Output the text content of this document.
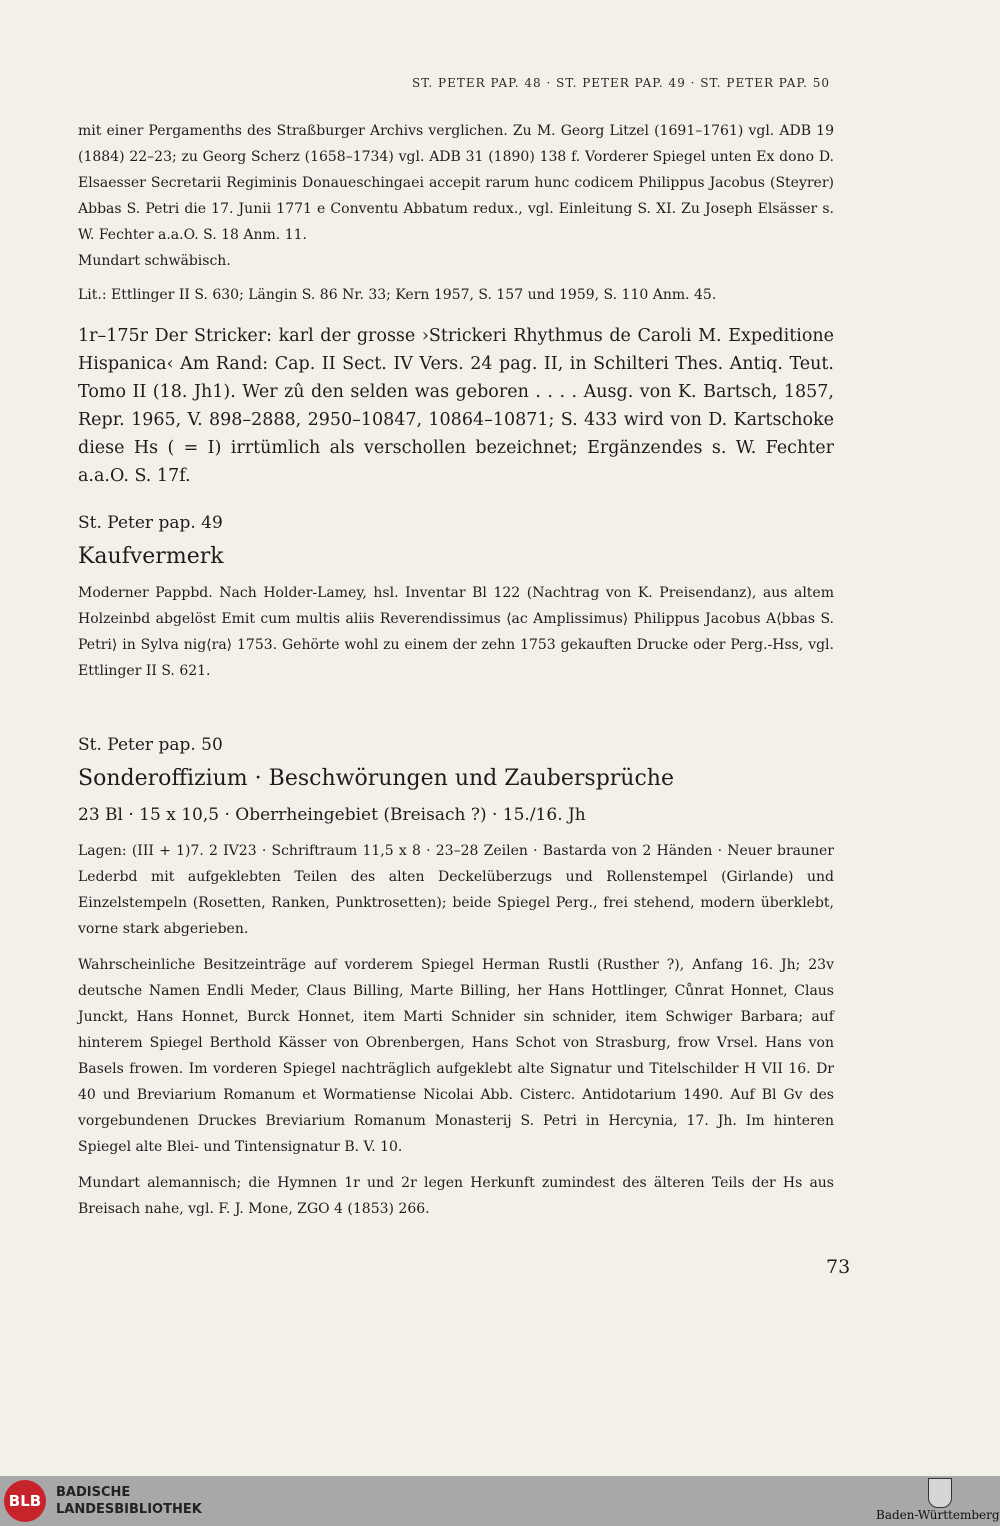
ST. PETER PAP. 48 · ST. PETER PAP. 49 · ST. PETER PAP. 50

mit einer Pergamenths des Straßburger Archivs verglichen. Zu M. Georg Litzel (1691–1761) vgl. ADB 19 (1884) 22–23; zu Georg Scherz (1658–1734) vgl. ADB 31 (1890) 138 f. Vorderer Spiegel unten Ex dono D. Elsaesser Secretarii Regiminis Donaueschingaei accepit rarum hunc codicem Philippus Jacobus (Steyrer) Abbas S. Petri die 17. Junii 1771 e Conventu Abbatum redux., vgl. Einleitung S. XI. Zu Joseph Elsässer s. W. Fechter a.a.O. S. 18 Anm. 11.

Mundart schwäbisch.

Lit.: Ettlinger II S. 630; Längin S. 86 Nr. 33; Kern 1957, S. 157 und 1959, S. 110 Anm. 45.

1r–175r Der Stricker: karl der grosse ›Strickeri Rhythmus de Caroli M. Expeditione Hispanica‹ Am Rand: Cap. II Sect. IV Vers. 24 pag. II, in Schilteri Thes. Antiq. Teut. Tomo II (18. Jh1). Wer zû den selden was geboren . . . . Ausg. von K. Bartsch, 1857, Repr. 1965, V. 898–2888, 2950–10847, 10864–10871; S. 433 wird von D. Kartschoke diese Hs ( = I) irrtümlich als verschollen bezeichnet; Ergänzendes s. W. Fechter a.a.O. S. 17f.

St. Peter pap. 49
Kaufvermerk

Moderner Pappbd. Nach Holder-Lamey, hsl. Inventar Bl 122 (Nachtrag von K. Preisendanz), aus altem Holzeinbd abgelöst Emit cum multis aliis Reverendissimus ⟨ac Amplissimus⟩ Philippus Jacobus A⟨bbas S. Petri⟩ in Sylva nig⟨ra⟩ 1753. Gehörte wohl zu einem der zehn 1753 gekauften Drucke oder Perg.-Hss, vgl. Ettlinger II S. 621.

St. Peter pap. 50
Sonderoffizium · Beschwörungen und Zaubersprüche
23 Bl · 15 x 10,5 · Oberrheingebiet (Breisach ?) · 15./16. Jh

Lagen: (III + 1)7. 2 IV23 · Schriftraum 11,5 x 8 · 23–28 Zeilen · Bastarda von 2 Händen · Neuer brauner Lederbd mit aufgeklebten Teilen des alten Deckelüberzugs und Rollenstempel (Girlande) und Einzelstempeln (Rosetten, Ranken, Punktrosetten); beide Spiegel Perg., frei stehend, modern überklebt, vorne stark abgerieben.

Wahrscheinliche Besitzeinträge auf vorderem Spiegel Herman Rustli (Rusther ?), Anfang 16. Jh; 23v deutsche Namen Endli Meder, Claus Billing, Marte Billing, her Hans Hottlinger, Cůnrat Honnet, Claus Junckt, Hans Honnet, Burck Honnet, item Marti Schnider sin schnider, item Schwiger Barbara; auf hinterem Spiegel Berthold Kässer von Obrenbergen, Hans Schot von Strasburg, frow Vrsel. Hans von Basels frowen. Im vorderen Spiegel nachträglich aufgeklebt alte Signatur und Titelschilder H VII 16. Dr 40 und Breviarium Romanum et Wormatiense Nicolai Abb. Cisterc. Antidotarium 1490. Auf Bl Gv des vorgebundenen Druckes Breviarium Romanum Monasterij S. Petri in Hercynia, 17. Jh. Im hinteren Spiegel alte Blei- und Tintensignatur B. V. 10.

Mundart alemannisch; die Hymnen 1r und 2r legen Herkunft zumindest des älteren Teils der Hs aus Breisach nahe, vgl. F. J. Mone, ZGO 4 (1853) 266.

73
BLB	BADISCHE
LANDESBIBLIOTHEK	Baden-Württemberg
